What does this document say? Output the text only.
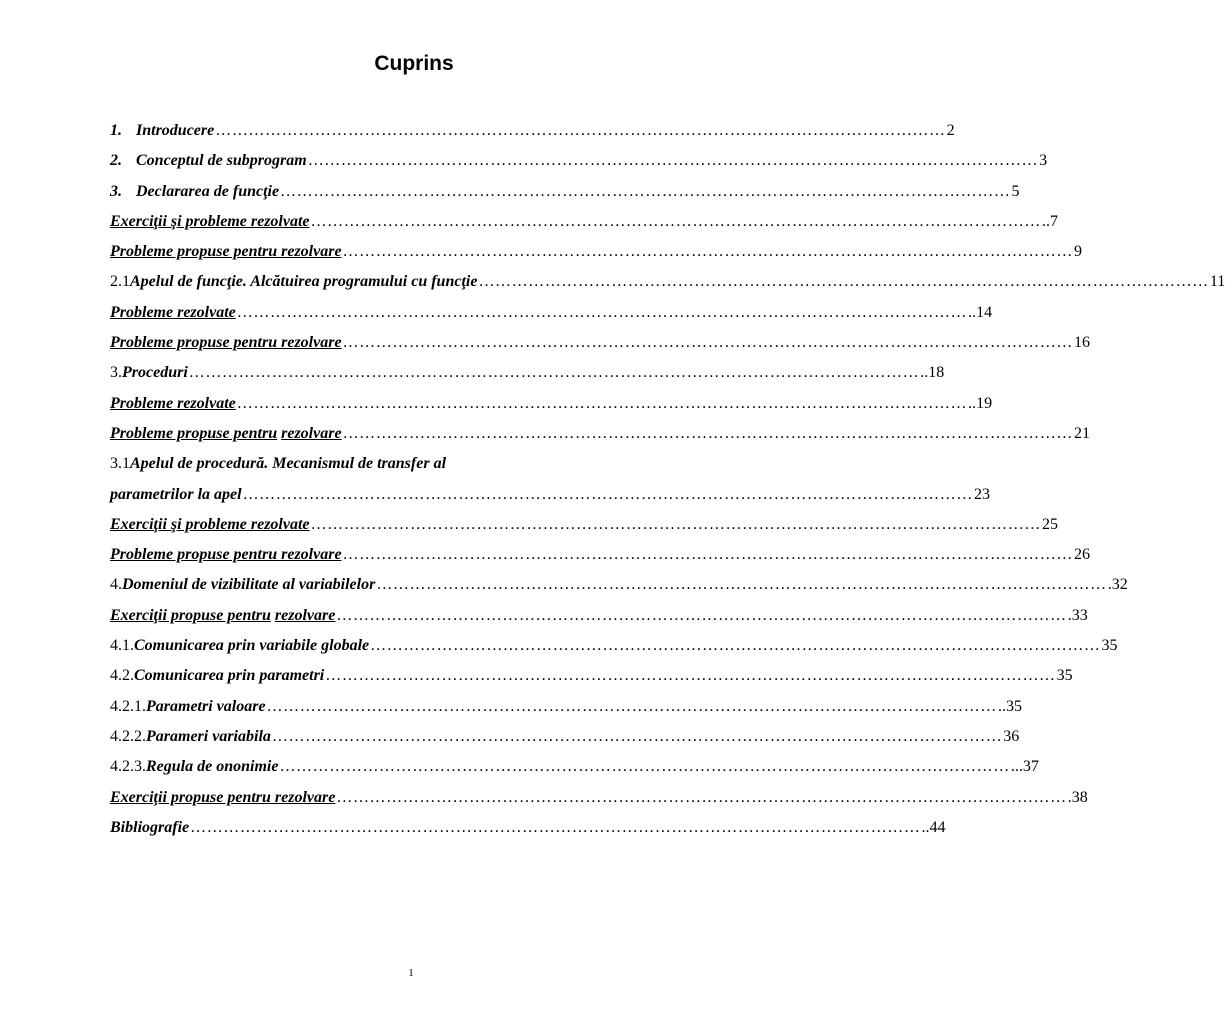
Cuprins
1. Introducere …………………………………………………………………………………………………………………… 2
2. Conceptul de subprogram …………………………………………………………………………………………………………………… 3
3. Declararea de funcţie …………………………………………………………………………………………………………………… 5
Exerciţii şi probleme rezolvate …………………………………………………………………………………………………………………… ..7
Probleme propuse pentru rezolvare …………………………………………………………………………………………………………………… 9
2.1 Apelul de funcţie. Alcătuirea programului cu funcţie …………………………………………………………………………………………………………………… 11
Probleme rezolvate …………………………………………………………………………………………………………………… ..14
Probleme propuse pentru rezolvare …………………………………………………………………………………………………………………… 16
3. Proceduri …………………………………………………………………………………………………………………… ..18
Probleme rezolvate …………………………………………………………………………………………………………………… ..19
Probleme propuse pentru rezolvare …………………………………………………………………………………………………………………… 21
3.1 Apelul de procedură. Mecanismul de transfer al
parametrilor la apel …………………………………………………………………………………………………………………… 23
Exerciţii şi probleme rezolvate …………………………………………………………………………………………………………………… 25
Probleme propuse pentru rezolvare …………………………………………………………………………………………………………………… 26
4. Domeniul de vizibilitate al variabilelor …………………………………………………………………………………………………………………… .32
Exerciţii propuse pentru rezolvare …………………………………………………………………………………………………………………… .33
4.1. Comunicarea prin variabile globale …………………………………………………………………………………………………………………… 35
4.2. Comunicarea prin parametri …………………………………………………………………………………………………………………… 35
4.2.1. Parametri valoare …………………………………………………………………………………………………………………… ..35
4.2.2. Parameri variabila …………………………………………………………………………………………………………………… 36
4.2.3. Regula de ononimie …………………………………………………………………………………………………………………… ...37
Exerciţii propuse pentru rezolvare …………………………………………………………………………………………………………………… .38
Bibliografie …………………………………………………………………………………………………………………… ..44
1
